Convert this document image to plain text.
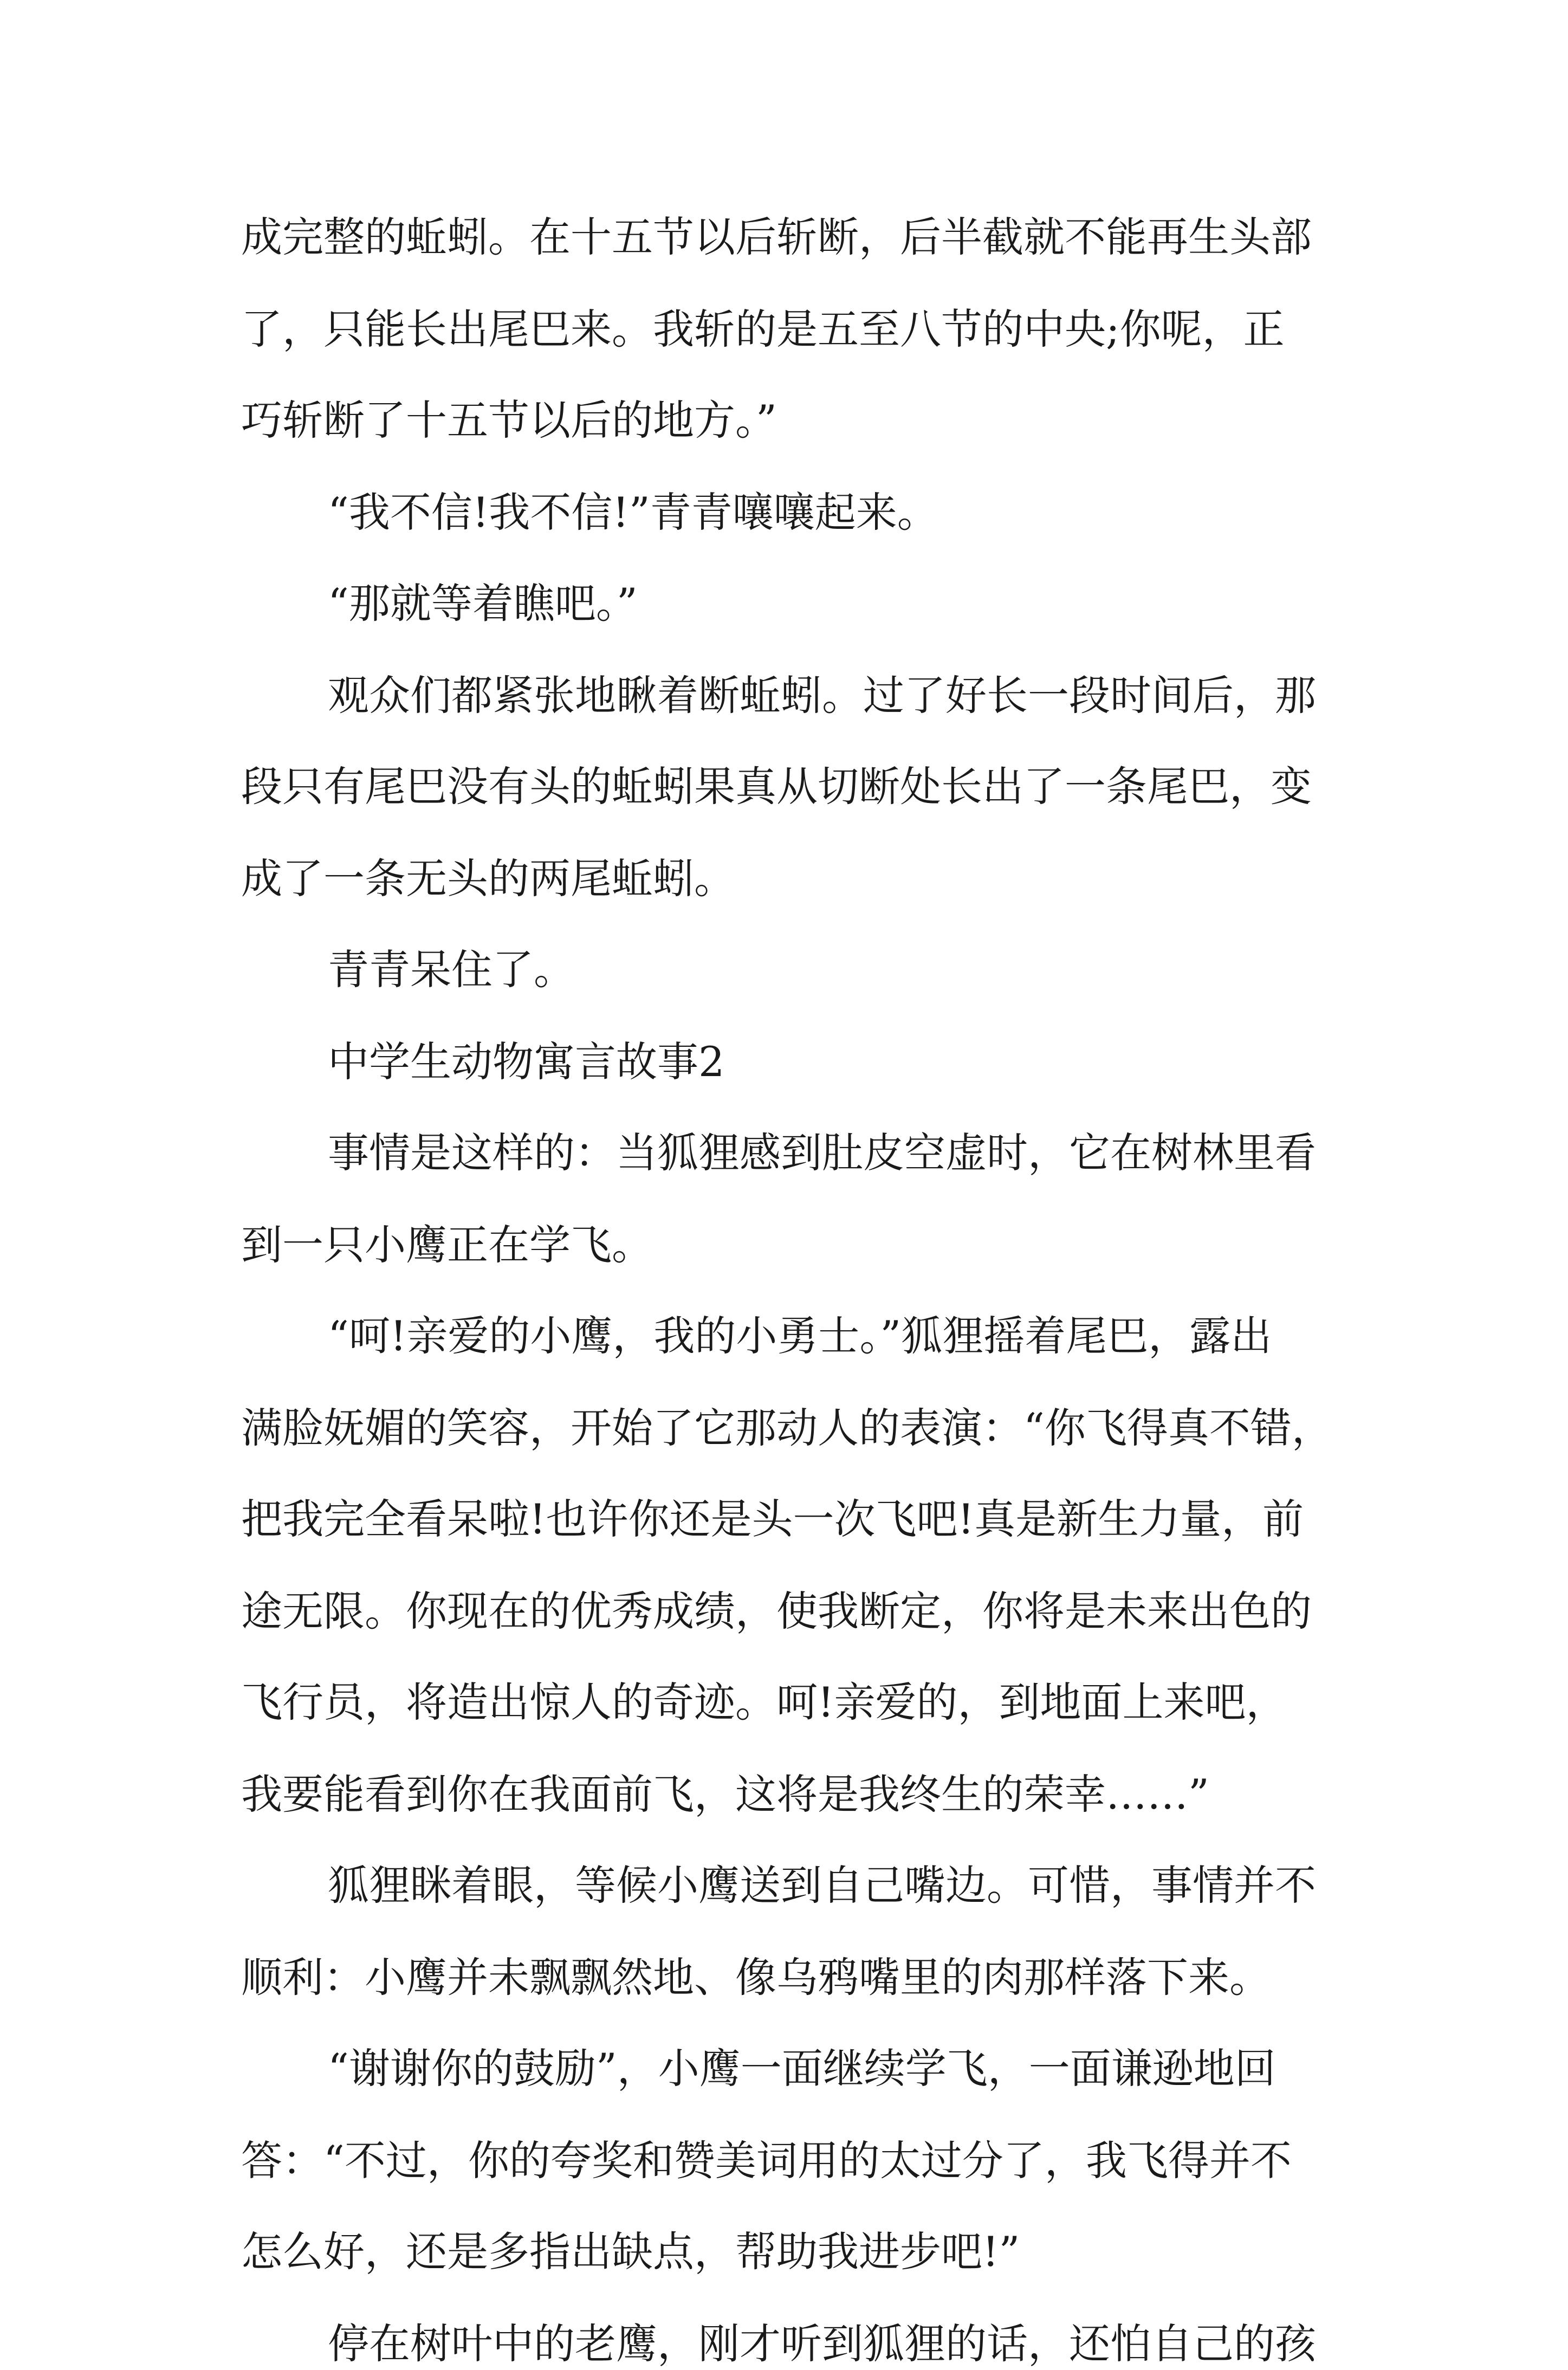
成完整的蚯蚓。在十五节以后斩断，后半截就不能再生头部
了，只能长出尾巴来。我斩的是五至八节的中央;你呢，正
巧斩断了十五节以后的地方。”
“我不信!我不信!”青青嚷嚷起来。
“那就等着瞧吧。”
观众们都紧张地瞅着断蚯蚓。过了好长一段时间后，那
段只有尾巴没有头的蚯蚓果真从切断处长出了一条尾巴，变
成了一条无头的两尾蚯蚓。
青青呆住了。
中学生动物寓言故事2
事情是这样的：当狐狸感到肚皮空虚时，它在树林里看
到一只小鹰正在学飞。
“呵!亲爱的小鹰，我的小勇士。”狐狸摇着尾巴，露出
满脸妩媚的笑容，开始了它那动人的表演：“你飞得真不错，
把我完全看呆啦!也许你还是头一次飞吧!真是新生力量，前
途无限。你现在的优秀成绩，使我断定，你将是未来出色的
飞行员，将造出惊人的奇迹。呵!亲爱的，到地面上来吧，
我要能看到你在我面前飞，这将是我终生的荣幸……”
狐狸眯着眼，等候小鹰送到自己嘴边。可惜，事情并不
顺利：小鹰并未飘飘然地、像乌鸦嘴里的肉那样落下来。
“谢谢你的鼓励”，小鹰一面继续学飞，一面谦逊地回
答：“不过，你的夸奖和赞美词用的太过分了，我飞得并不
怎么好，还是多指出缺点，帮助我进步吧!”
停在树叶中的老鹰，刚才听到狐狸的话，还怕自己的孩
